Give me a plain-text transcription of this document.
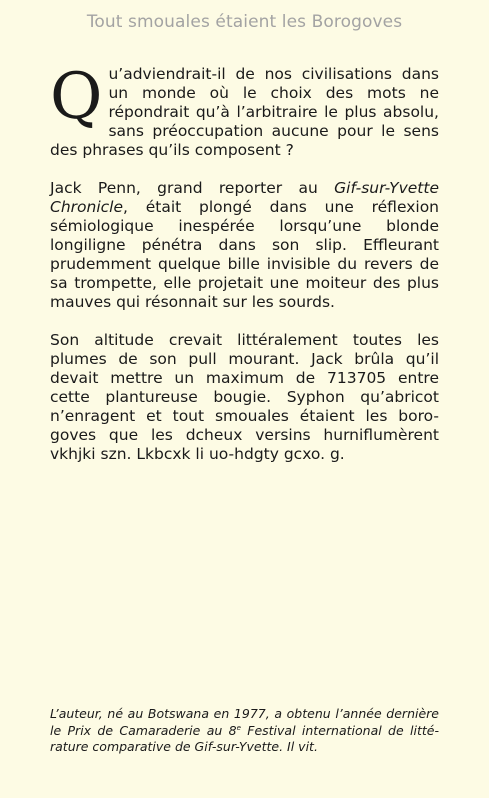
Tout smouales étaient les Borogoves

Qu’adviendrait-il de nos civilisations dans un monde où le choix des mots ne répondrait qu’à l’arbitraire le plus absolu, sans préoccupation aucune pour le sens des phrases qu’ils composent ?

Jack Penn, grand reporter au Gif-sur-Yvette Chronicle, était plongé dans une réflexion sémiologique inespérée lorsqu’une blonde longiligne pénétra dans son slip. Effleurant prudemment quelque bille invisible du revers de sa trompette, elle projetait une moiteur des plus mauves qui résonnait sur les sourds.

Son altitude crevait littéralement toutes les plumes de son pull mourant. Jack brûla qu’il devait mettre un maximum de 713705 entre cette plantureuse bougie. Syphon qu’abricot n’enragent et tout smouales étaient les boro- goves que les dcheux versins hurniflumèrent vkhjki szn. Lkbcxk li uo-hdgty gcxo. g.

L’auteur, né au Botswana en 1977, a obtenu l’année dernière le Prix de Camaraderie au 8e Festival international de litté-rature comparative de Gif-sur-Yvette. Il vit.
